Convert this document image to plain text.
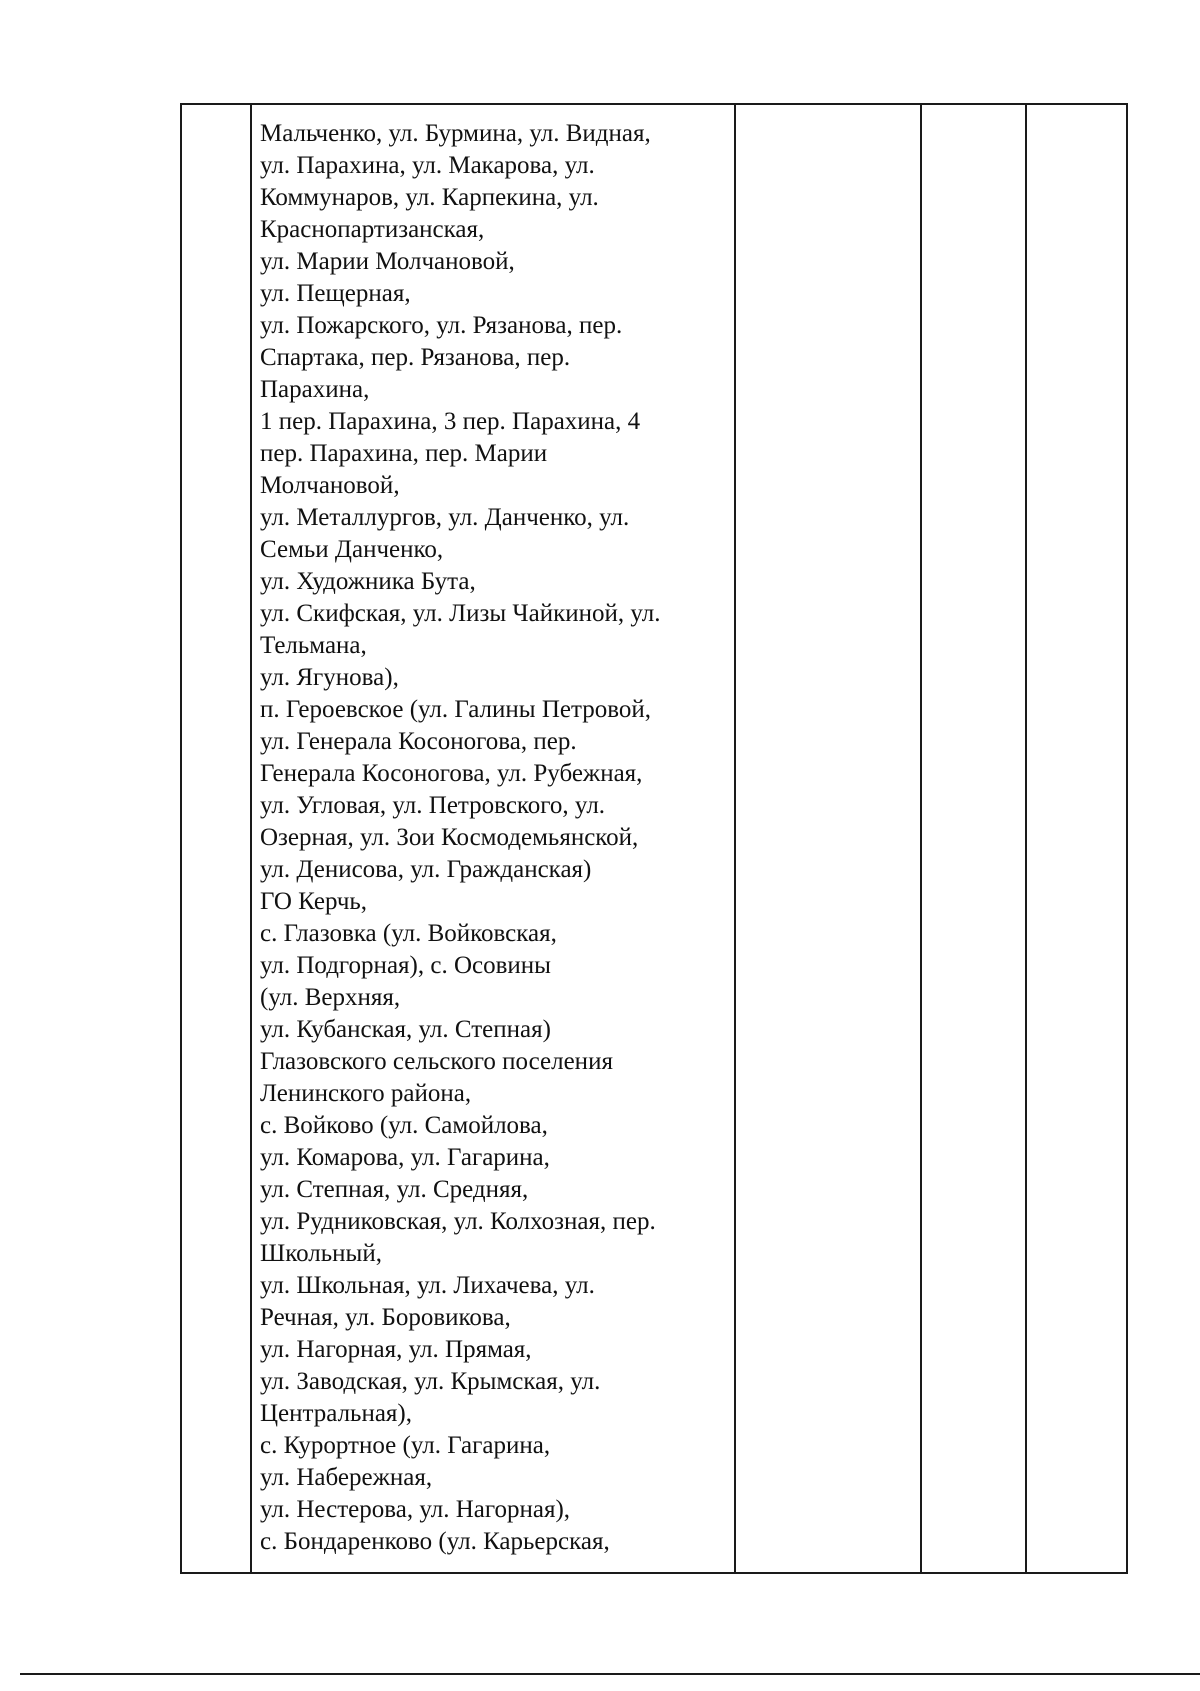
Мальченко, ул. Бурмина, ул. Видная,
ул. Парахина, ул. Макарова, ул.
Коммунаров, ул. Карпекина, ул.
Краснопартизанская,
ул. Марии Молчановой,
ул. Пещерная,
ул. Пожарского, ул. Рязанова, пер.
Спартака, пер. Рязанова, пер.
Парахина,
1 пер. Парахина, 3 пер. Парахина, 4
пер. Парахина, пер. Марии
Молчановой,
ул. Металлургов, ул. Данченко, ул.
Семьи Данченко,
ул. Художника Бута,
ул. Скифская, ул. Лизы Чайкиной, ул.
Тельмана,
ул. Ягунова),
п. Героевское (ул. Галины Петровой,
ул. Генерала Косоногова, пер.
Генерала Косоногова, ул. Рубежная,
ул. Угловая, ул. Петровского, ул.
Озерная, ул. Зои Космодемьянской,
ул. Денисова, ул. Гражданская)
ГО Керчь,
с. Глазовка (ул. Войковская,
ул. Подгорная), с. Осовины
(ул. Верхняя,
ул. Кубанская, ул. Степная)
Глазовского сельского поселения
Ленинского района,
с. Войково (ул. Самойлова,
ул. Комарова, ул. Гагарина,
ул. Степная, ул. Средняя,
ул. Рудниковская, ул. Колхозная, пер.
Школьный,
ул. Школьная, ул. Лихачева, ул.
Речная, ул. Боровикова,
ул. Нагорная, ул. Прямая,
ул. Заводская, ул. Крымская, ул.
Центральная),
с. Курортное (ул. Гагарина,
ул. Набережная,
ул. Нестерова, ул. Нагорная),
с. Бондаренково (ул. Карьерская,
